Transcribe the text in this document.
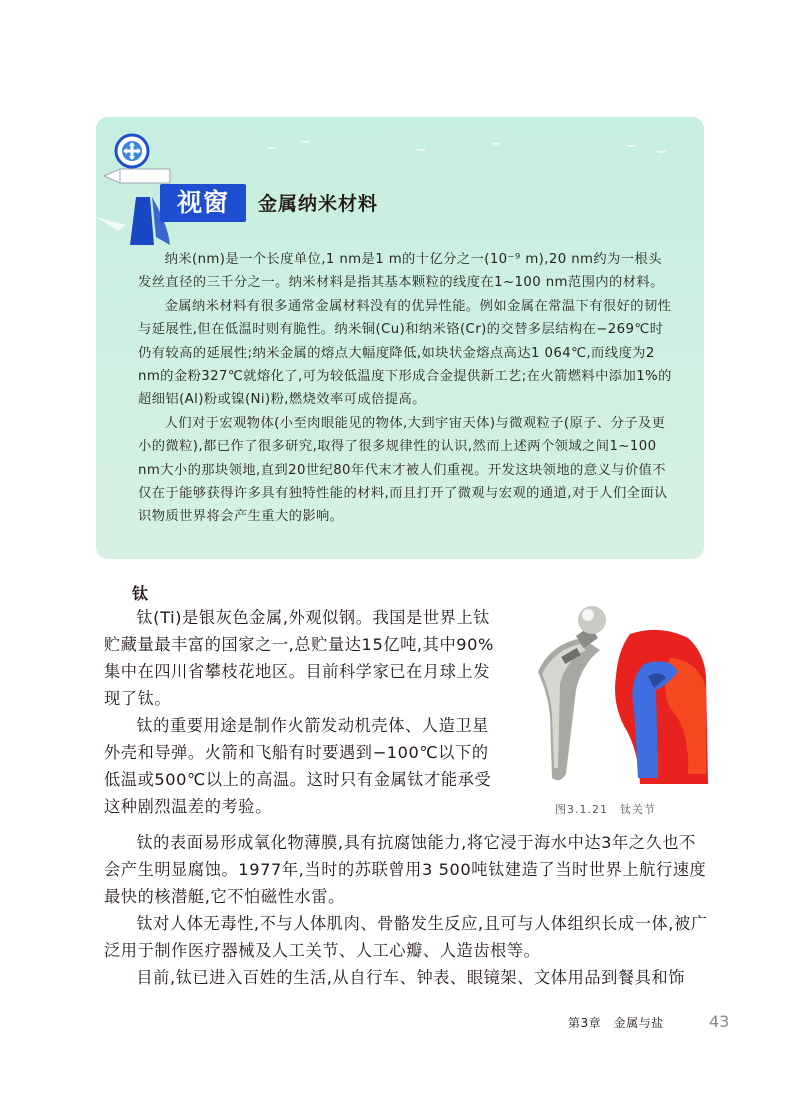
视窗	金属纳米材料

纳米(nm)是一个长度单位,1 nm是1 m的十亿分之一(10⁻⁹ m),20 nm约为一根头发丝直径的三千分之一。纳米材料是指其基本颗粒的线度在1~100 nm范围内的材料。

金属纳米材料有很多通常金属材料没有的优异性能。例如金属在常温下有很好的韧性与延展性,但在低温时则有脆性。纳米铜(Cu)和纳米铬(Cr)的交替多层结构在−269℃时仍有较高的延展性;纳米金属的熔点大幅度降低,如块状金熔点高达1 064℃,而线度为2 nm的金粉327℃就熔化了,可为较低温度下形成合金提供新工艺;在火箭燃料中添加1%的超细铝(Al)粉或镍(Ni)粉,燃烧效率可成倍提高。

人们对于宏观物体(小至肉眼能见的物体,大到宇宙天体)与微观粒子(原子、分子及更小的微粒),都已作了很多研究,取得了很多规律性的认识,然而上述两个领域之间1~100 nm大小的那块领地,直到20世纪80年代末才被人们重视。开发这块领地的意义与价值不仅在于能够获得许多具有独特性能的材料,而且打开了微观与宏观的通道,对于人们全面认识物质世界将会产生重大的影响。

钛

钛(Ti)是银灰色金属,外观似钢。我国是世界上钛贮藏量最丰富的国家之一,总贮量达15亿吨,其中90%集中在四川省攀枝花地区。目前科学家已在月球上发现了钛。

钛的重要用途是制作火箭发动机壳体、人造卫星外壳和导弹。火箭和飞船有时要遇到−100℃以下的低温或500℃以上的高温。这时只有金属钛才能承受这种剧烈温差的考验。	图3.1.21　钛关节

钛的表面易形成氧化物薄膜,具有抗腐蚀能力,将它浸于海水中达3年之久也不会产生明显腐蚀。1977年,当时的苏联曾用3 500吨钛建造了当时世界上航行速度最快的核潜艇,它不怕磁性水雷。

钛对人体无毒性,不与人体肌肉、骨骼发生反应,且可与人体组织长成一体,被广泛用于制作医疗器械及人工关节、人工心瓣、人造齿根等。

目前,钛已进入百姓的生活,从自行车、钟表、眼镜架、文体用品到餐具和饰

第3章　金属与盐	43
